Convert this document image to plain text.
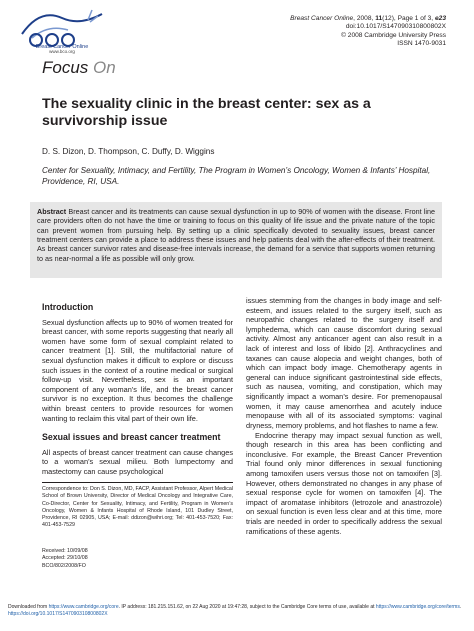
Breast Cancer Online
www.bco.org
Breast Cancer Online, 2008, 11(12), Page 1 of 3, e23
doi:10.1017/S147090310800802X
© 2008 Cambridge University Press
ISSN 1470-9031
Focus On
The sexuality clinic in the breast center: sex as a survivorship issue
D. S. Dizon, D. Thompson, C. Duffy, D. Wiggins
Center for Sexuality, Intimacy, and Fertility, The Program in Women’s Oncology, Women & Infants’ Hospital, Providence, RI, USA.
Abstract Breast cancer and its treatments can cause sexual dysfunction in up to 90% of women with the disease. Front line care providers often do not have the time or training to focus on this quality of life issue and the private nature of the topic can prevent women from pursuing help. By setting up a clinic specifically devoted to sexuality issues, breast cancer treatment centers can provide a place to address these issues and help patients deal with the after-effects of their treatment. As breast cancer survivor rates and disease-free intervals increase, the demand for a service that supports women returning to as near-normal a life as possible will only grow.
Introduction

Sexual dysfunction affects up to 90% of women treated for breast cancer, with some reports suggesting that nearly all women have some form of sexual complaint related to cancer treatment [1]. Still, the multifactorial nature of sexual dysfunction makes it difficult to explore or discuss such issues in the context of a routine medical or surgical follow-up visit. Nevertheless, sex is an important component of any woman’s life, and the breast cancer survivor is no exception. It thus becomes the challenge within breast centers to provide resources for women wanting to reclaim this vital part of their own life.

Sexual issues and breast cancer treatment

All aspects of breast cancer treatment can cause changes to a woman’s sexual milieu. Both lumpectomy and mastectomy can cause psychological

issues stemming from the changes in body image and self-esteem, and issues related to the surgery itself, such as neuropathic changes related to the surgery itself and lymphedema, which can cause discomfort during sexual activity. Almost any anticancer agent can also result in a lack of interest and loss of libido [2]. Anthracyclines and taxanes can cause alopecia and weight changes, both of which can impact body image. Chemotherapy agents in general can induce significant gastrointestinal side effects, such as nausea, vomiting, and constipation, which may significantly impact a woman’s desire. For premenopausal women, it may cause amenorrhea and acutely induce menopause with all of its associated symptoms: vaginal dryness, memory problems, and hot flashes to name a few.

Endocrine therapy may impact sexual function as well, though research in this area has been conflicting and inconclusive. For example, the Breast Cancer Prevention Trial found only minor differences in sexual functioning among tamoxifen users versus those not on tamoxifen [3]. However, others demonstrated no changes in any phase of sexual response cycle for women on tamoxifen [4]. The impact of aromatase inhibitors (letrozole and anastrozole) on sexual function is even less clear and at this time, more trials are needed in order to specifically address the sexual ramifications of these agents.

Correspondence to: Don S. Dizon, MD, FACP, Assistant Professor, Alpert Medical School of Brown University, Director of Medical Oncology and Integrative Care, Co-Director, Center for Sexuality, Intimacy, and Fertility, Program in Women’s Oncology, Women & Infants Hospital of Rhode Island, 101 Dudley Street, Providence, RI 02905, USA; E-mail: ddizon@wihri.org; Tel: 401-453-7520; Fax: 401-453-7529
Received: 10/09/08
Accepted: 29/10/08
BCO/802/2008/FO
Downloaded from https://www.cambridge.org/core. IP address: 181.215.151.62, on 22 Aug 2020 at 19:47:28, subject to the Cambridge Core terms of use, available at https://www.cambridge.org/core/terms. https://doi.org/10.1017/S147090310800802X
